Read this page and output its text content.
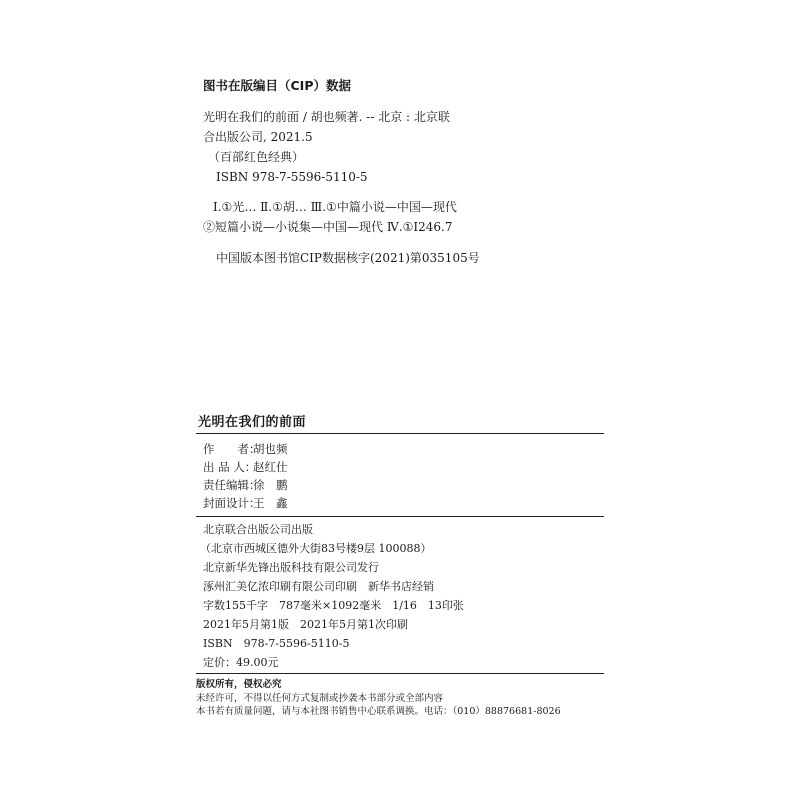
图书在版编目（CIP）数据
光明在我们的前面 / 胡也频著. -- 北京 : 北京联
合出版公司, 2021.5
（百部红色经典）
ISBN 978-7-5596-5110-5
Ⅰ.①光… Ⅱ.①胡… Ⅲ.①中篇小说—中国—现代
②短篇小说—小说集—中国—现代 Ⅳ.①I246.7
中国版本图书馆CIP数据核字(2021)第035105号
光明在我们的前面
作　　者：胡也频
出 品 人：赵红仕
责任编辑：徐　鹏
封面设计：王　鑫
北京联合出版公司出版
（北京市西城区德外大街83号楼9层 100088）
北京新华先锋出版科技有限公司发行
涿州汇美亿浓印刷有限公司印刷　新华书店经销
字数155千字　787毫米×1092毫米　1/16　13印张
2021年5月第1版　2021年5月第1次印刷
ISBN　978-7-5596-5110-5
定价：49.00元
版权所有，侵权必究
未经许可，不得以任何方式复制或抄袭本书部分或全部内容
本书若有质量问题，请与本社图书销售中心联系调换。电话：（010）88876681-8026
